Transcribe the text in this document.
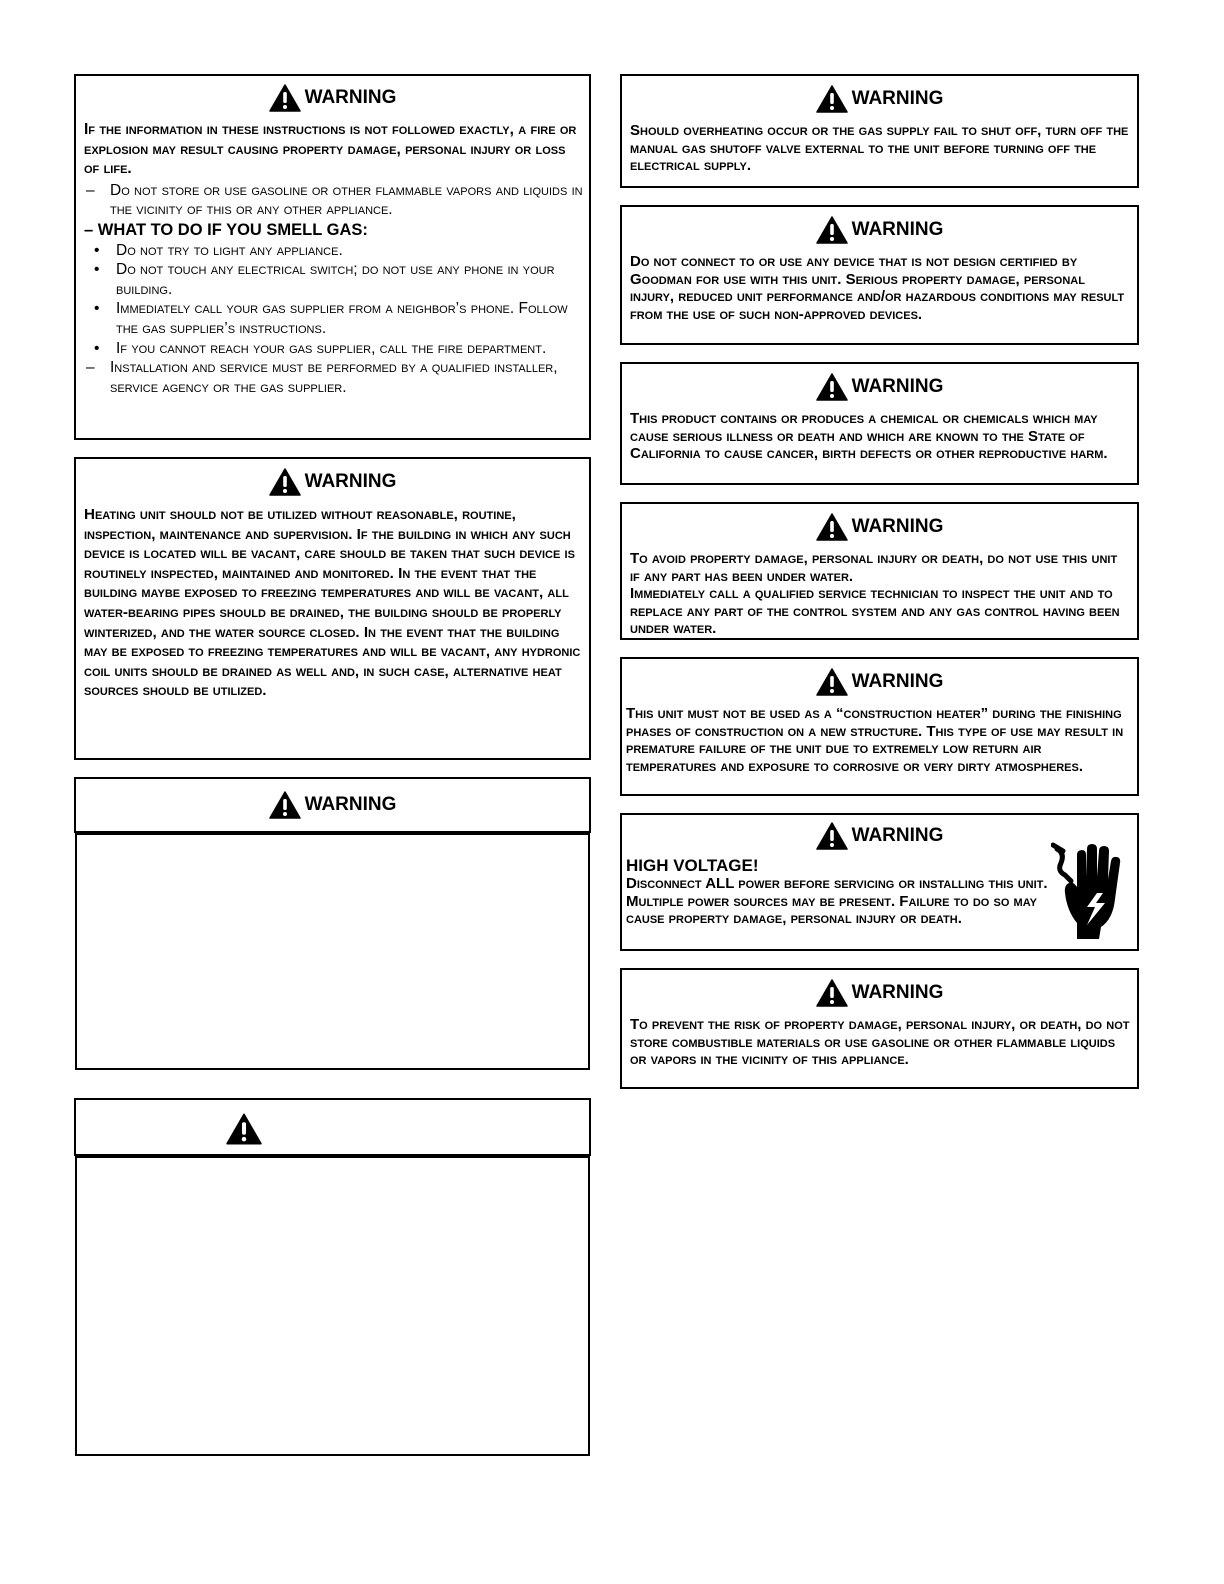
WARNING

If the information in these instructions is not followed exactly, a fire or explosion may result causing property damage, personal injury or loss of life.

– Do not store or use gasoline or other flammable vapors and liquids in the vicinity of this or any other appliance.
– WHAT TO DO IF YOU SMELL GAS:
•	Do not try to light any appliance.
•	Do not touch any electrical switch; do not use any phone in your building.
•	Immediately call your gas supplier from a neighbor’s phone. Follow the gas supplier’s instructions.
•	If you cannot reach your gas supplier, call the fire department.
– Installation and service must be performed by a qualified installer, service agency or the gas supplier.
WARNING

Heating unit should not be utilized without reasonable, routine, inspection, maintenance and supervision. If the building in which any such device is located will be vacant, care should be taken that such device is routinely inspected, maintained and monitored. In the event that the building maybe exposed to freezing temperatures and will be vacant, all water-bearing pipes should be drained, the building should be properly winterized, and the water source closed. In the event that the building may be exposed to freezing temperatures and will be vacant, any hydronic coil units should be drained as well and, in such case, alternative heat sources should be utilized.

WARNING
WARNING

Should overheating occur or the gas supply fail to shut off, turn off the manual gas shutoff valve external to the unit before turning off the electrical supply.

WARNING

Do not connect to or use any device that is not design certified by Goodman for use with this unit. Serious property damage, personal injury, reduced unit performance and/or hazardous conditions may result from the use of such non-approved devices.

WARNING

This product contains or produces a chemical or chemicals which may cause serious illness or death and which are known to the State of California to cause cancer, birth defects or other reproductive harm.

WARNING

To avoid property damage, personal injury or death, do not use this unit if any part has been under water.

Immediately call a qualified service technician to inspect the unit and to replace any part of the control system and any gas control having been under water.

WARNING

This unit must not be used as a “construction heater” during the finishing phases of construction on a new structure. This type of use may result in premature failure of the unit due to extremely low return air temperatures and exposure to corrosive or very dirty atmospheres.

WARNING

HIGH VOLTAGE!

Disconnect ALL power before servicing or installing this unit. Multiple power sources may be present. Failure to do so may cause property damage, personal injury or death.

WARNING

To prevent the risk of property damage, personal injury, or death, do not store combustible materials or use gasoline or other flammable liquids or vapors in the vicinity of this appliance.
